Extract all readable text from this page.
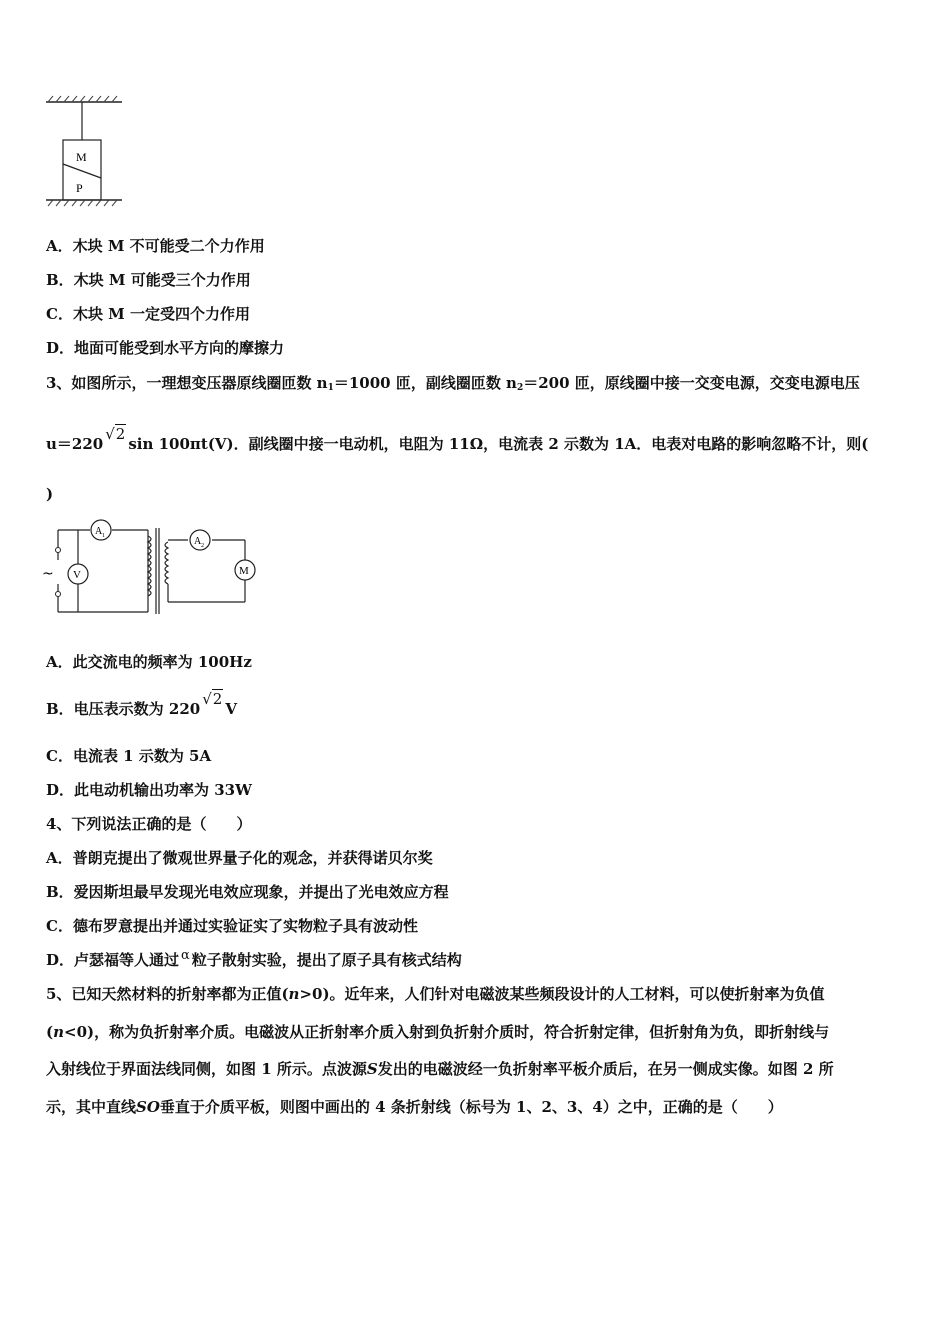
M
P
A．木块 M 不可能受二个力作用
B．木块 M 可能受三个力作用
C．木块 M 一定受四个力作用
D．地面可能受到水平方向的摩擦力
3、如图所示，一理想变压器原线圈匝数 $n_1=1000$ 匝，副线圈匝数 $n_2=200$ 匝，原线圈中接一交变电源，交变电源电压
u＝220√2sin 100πt(V)．副线圈中接一电动机，电阻为 11Ω，电流表 2 示数为 1A．电表对电路的影响忽略不计，则(
)
~
A 1
V
A 2
M
A．此交流电的频率为 100Hz
B．电压表示数为 220√2V
C．电流表 1 示数为 5A
D．此电动机输出功率为 33W
4、下列说法正确的是（　　）
A．普朗克提出了微观世界量子化的观念，并获得诺贝尔奖
B．爱因斯坦最早发现光电效应现象，并提出了光电效应方程
C．德布罗意提出并通过实验证实了实物粒子具有波动性
D．卢瑟福等人通过 α 粒子散射实验，提出了原子具有核式结构
5、已知天然材料的折射率都为正值(n>0)。近年来，人们针对电磁波某些频段设计的人工材料，可以使折射率为负值
(n<0)，称为负折射率介质。电磁波从正折射率介质入射到负折射介质时，符合折射定律，但折射角为负，即折射线与
入射线位于界面法线同侧，如图 1 所示。点波源S发出的电磁波经一负折射率平板介质后，在另一侧成实像。如图 2 所
示，其中直线SO垂直于介质平板，则图中画出的 4 条折射线（标号为 1、2、3、4）之中，正确的是（　　）
